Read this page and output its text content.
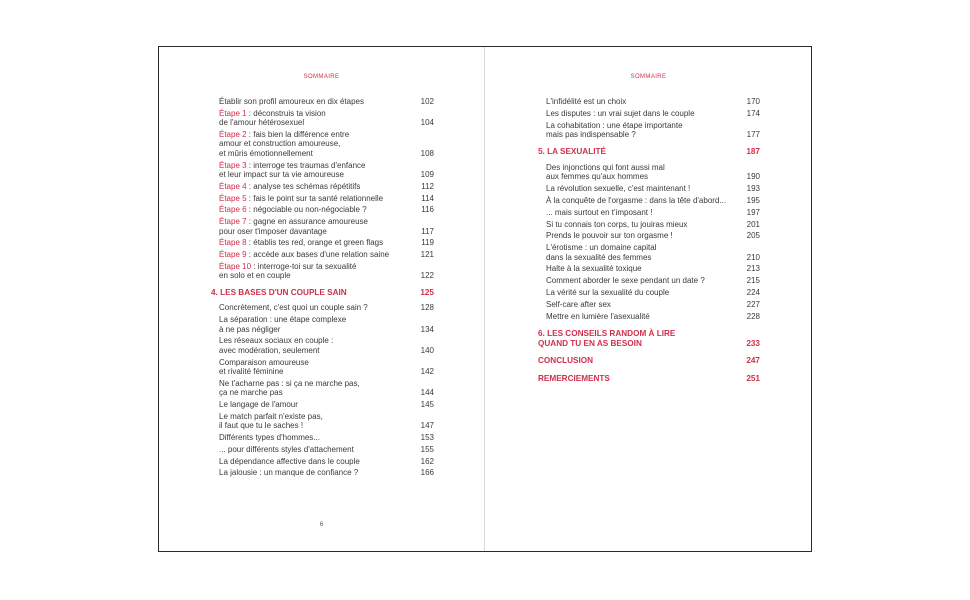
SOMMAIRE
Établir son profil amoureux en dix étapes	102
Étape 1 : déconstruis ta vision
de l'amour hétérosexuel	104
Étape 2 : fais bien la différence entre
amour et construction amoureuse,
et mûris émotionnellement	108
Étape 3 : interroge tes traumas d'enfance
et leur impact sur ta vie amoureuse	109
Étape 4 : analyse tes schémas répétitifs	112
Étape 5 : fais le point sur ta santé relationnelle	114
Étape 6 : négociable ou non-négociable ?	116
Étape 7 : gagne en assurance amoureuse
pour oser t'imposer davantage	117
Étape 8 : établis tes red, orange et green flags	119
Étape 9 : accède aux bases d'une relation saine	121
Étape 10 : interroge-toi sur ta sexualité
en solo et en couple	122
4. LES BASES D'UN COUPLE SAIN	125
Concrètement, c'est quoi un couple sain ?	128
La séparation : une étape complexe
à ne pas négliger	134
Les réseaux sociaux en couple :
avec modération, seulement	140
Comparaison amoureuse
et rivalité féminine	142
Ne t'acharne pas : si ça ne marche pas,
ça ne marche pas	144
Le langage de l'amour	145
Le match parfait n'existe pas,
il faut que tu le saches !	147
Différents types d'hommes...	153
... pour différents styles d'attachement	155
La dépendance affective dans le couple	162
La jalousie : un manque de confiance ?	166
6
SOMMAIRE
L'infidélité est un choix	170
Les disputes : un vrai sujet dans le couple	174
La cohabitation : une étape importante
mais pas indispensable ?	177
5. LA SEXUALITÉ	187
Des injonctions qui font aussi mal
aux femmes qu'aux hommes	190
La révolution sexuelle, c'est maintenant !	193
À la conquête de l'orgasme : dans la tête d'abord...	195
... mais surtout en t'imposant !	197
Si tu connais ton corps, tu jouiras mieux	201
Prends le pouvoir sur ton orgasme !	205
L'érotisme : un domaine capital
dans la sexualité des femmes	210
Halte à la sexualité toxique	213
Comment aborder le sexe pendant un date ?	215
La vérité sur la sexualité du couple	224
Self-care after sex	227
Mettre en lumière l'asexualité	228
6. LES CONSEILS RANDOM À LIRE
QUAND TU EN AS BESOIN	233
CONCLUSION	247
REMERCIEMENTS	251
